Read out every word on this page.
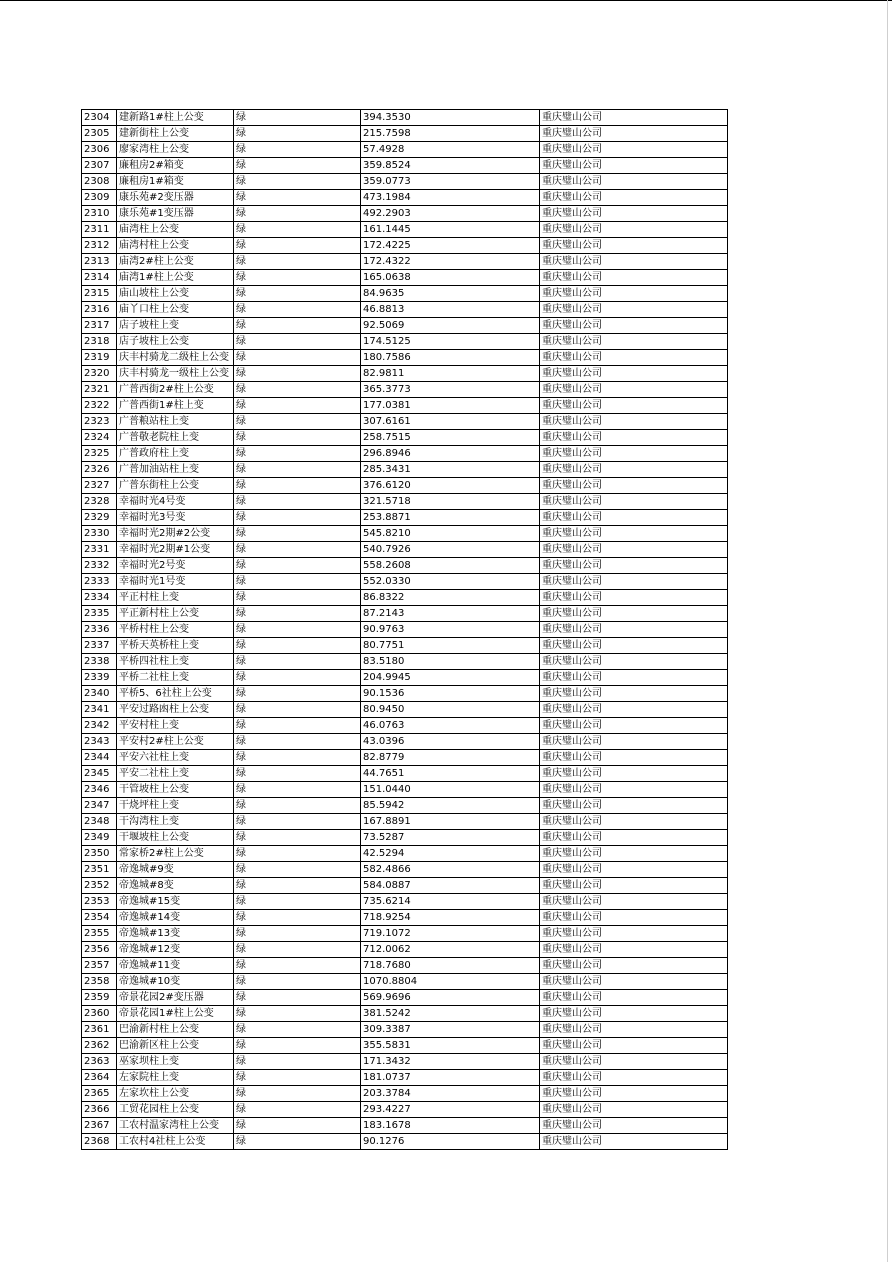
2304	建新路1#柱上公变	绿	394.3530	重庆璧山公司
2305	建新街柱上公变	绿	215.7598	重庆璧山公司
2306	廖家湾柱上公变	绿	57.4928	重庆璧山公司
2307	廉租房2#箱变	绿	359.8524	重庆璧山公司
2308	廉租房1#箱变	绿	359.0773	重庆璧山公司
2309	康乐苑#2变压器	绿	473.1984	重庆璧山公司
2310	康乐苑#1变压器	绿	492.2903	重庆璧山公司
2311	庙湾柱上公变	绿	161.1445	重庆璧山公司
2312	庙湾村柱上公变	绿	172.4225	重庆璧山公司
2313	庙湾2#柱上公变	绿	172.4322	重庆璧山公司
2314	庙湾1#柱上公变	绿	165.0638	重庆璧山公司
2315	庙山坡柱上公变	绿	84.9635	重庆璧山公司
2316	庙丫口柱上公变	绿	46.8813	重庆璧山公司
2317	店子坡柱上变	绿	92.5069	重庆璧山公司
2318	店子坡柱上公变	绿	174.5125	重庆璧山公司
2319	庆丰村骑龙二级柱上公变	绿	180.7586	重庆璧山公司
2320	庆丰村骑龙一级柱上公变	绿	82.9811	重庆璧山公司
2321	广普西街2#柱上公变	绿	365.3773	重庆璧山公司
2322	广普西街1#柱上变	绿	177.0381	重庆璧山公司
2323	广普粮站柱上变	绿	307.6161	重庆璧山公司
2324	广普敬老院柱上变	绿	258.7515	重庆璧山公司
2325	广普政府柱上变	绿	296.8946	重庆璧山公司
2326	广普加油站柱上变	绿	285.3431	重庆璧山公司
2327	广普东街柱上公变	绿	376.6120	重庆璧山公司
2328	幸福时光4号变	绿	321.5718	重庆璧山公司
2329	幸福时光3号变	绿	253.8871	重庆璧山公司
2330	幸福时光2期#2公变	绿	545.8210	重庆璧山公司
2331	幸福时光2期#1公变	绿	540.7926	重庆璧山公司
2332	幸福时光2号变	绿	558.2608	重庆璧山公司
2333	幸福时光1号变	绿	552.0330	重庆璧山公司
2334	平正村柱上变	绿	86.8322	重庆璧山公司
2335	平正新村柱上公变	绿	87.2143	重庆璧山公司
2336	平桥村柱上公变	绿	90.9763	重庆璧山公司
2337	平桥天英桥柱上变	绿	80.7751	重庆璧山公司
2338	平桥四社柱上变	绿	83.5180	重庆璧山公司
2339	平桥二社柱上变	绿	204.9945	重庆璧山公司
2340	平桥5、6社柱上公变	绿	90.1536	重庆璧山公司
2341	平安过路凼柱上公变	绿	80.9450	重庆璧山公司
2342	平安村柱上变	绿	46.0763	重庆璧山公司
2343	平安村2#柱上公变	绿	43.0396	重庆璧山公司
2344	平安六社柱上变	绿	82.8779	重庆璧山公司
2345	平安二社柱上变	绿	44.7651	重庆璧山公司
2346	干管坡柱上公变	绿	151.0440	重庆璧山公司
2347	干烧坪柱上变	绿	85.5942	重庆璧山公司
2348	干沟湾柱上变	绿	167.8891	重庆璧山公司
2349	干堰坡柱上公变	绿	73.5287	重庆璧山公司
2350	常家桥2#柱上公变	绿	42.5294	重庆璧山公司
2351	帝逸城#9变	绿	582.4866	重庆璧山公司
2352	帝逸城#8变	绿	584.0887	重庆璧山公司
2353	帝逸城#15变	绿	735.6214	重庆璧山公司
2354	帝逸城#14变	绿	718.9254	重庆璧山公司
2355	帝逸城#13变	绿	719.1072	重庆璧山公司
2356	帝逸城#12变	绿	712.0062	重庆璧山公司
2357	帝逸城#11变	绿	718.7680	重庆璧山公司
2358	帝逸城#10变	绿	1070.8804	重庆璧山公司
2359	帝景花园2#变压器	绿	569.9696	重庆璧山公司
2360	帝景花园1#柱上公变	绿	381.5242	重庆璧山公司
2361	巴渝新村柱上公变	绿	309.3387	重庆璧山公司
2362	巴渝新区柱上公变	绿	355.5831	重庆璧山公司
2363	巫家坝柱上变	绿	171.3432	重庆璧山公司
2364	左家院柱上变	绿	181.0737	重庆璧山公司
2365	左家坎柱上公变	绿	203.3784	重庆璧山公司
2366	工贸花园柱上公变	绿	293.4227	重庆璧山公司
2367	工农村温家湾柱上公变	绿	183.1678	重庆璧山公司
2368	工农村4社柱上公变	绿	90.1276	重庆璧山公司
